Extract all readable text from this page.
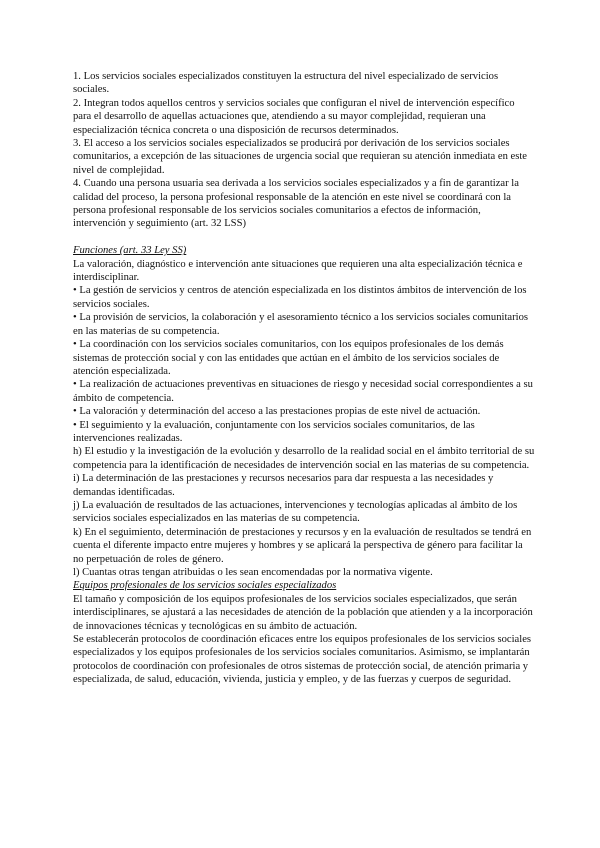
1. Los servicios sociales especializados constituyen la estructura del nivel especializado de servicios sociales.

2. Integran todos aquellos centros y servicios sociales que configuran el nivel de intervención específico para el desarrollo de aquellas actuaciones que, atendiendo a su mayor complejidad, requieran una especialización técnica concreta o una disposición de recursos determinados.

3. El acceso a los servicios sociales especializados se producirá por derivación de los servicios sociales comunitarios, a excepción de las situaciones de urgencia social que requieran su atención inmediata en este nivel de complejidad.

4. Cuando una persona usuaria sea derivada a los servicios sociales especializados y a fin de garantizar la calidad del proceso, la persona profesional responsable de la atención en este nivel se coordinará con la persona profesional responsable de los servicios sociales comunitarios a efectos de información, intervención y seguimiento (art. 32 LSS)

Funciones (art. 33 Ley SS)

La valoración, diagnóstico e intervención ante situaciones que requieren una alta especialización técnica e interdisciplinar.

• La gestión de servicios y centros de atención especializada en los distintos ámbitos de intervención de los servicios sociales.

• La provisión de servicios, la colaboración y el asesoramiento técnico a los servicios sociales comunitarios en las materias de su competencia.

• La coordinación con los servicios sociales comunitarios, con los equipos profesionales de los demás sistemas de protección social y con las entidades que actúan en el ámbito de los servicios sociales de atención especializada.

• La realización de actuaciones preventivas en situaciones de riesgo y necesidad social correspondientes a su ámbito de competencia.

• La valoración y determinación del acceso a las prestaciones propias de este nivel de actuación.

• El seguimiento y la evaluación, conjuntamente con los servicios sociales comunitarios, de las intervenciones realizadas.

h) El estudio y la investigación de la evolución y desarrollo de la realidad social en el ámbito territorial de su competencia para la identificación de necesidades de intervención social en las materias de su competencia.

i) La determinación de las prestaciones y recursos necesarios para dar respuesta a las necesidades y demandas identificadas.

j) La evaluación de resultados de las actuaciones, intervenciones y tecnologías aplicadas al ámbito de los servicios sociales especializados en las materias de su competencia.

k) En el seguimiento, determinación de prestaciones y recursos y en la evaluación de resultados se tendrá en cuenta el diferente impacto entre mujeres y hombres y se aplicará la perspectiva de género para facilitar la no perpetuación de roles de género.

l) Cuantas otras tengan atribuidas o les sean encomendadas por la normativa vigente.

Equipos profesionales de los servicios sociales especializados

El tamaño y composición de los equipos profesionales de los servicios sociales especializados, que serán interdisciplinares, se ajustará a las necesidades de atención de la población que atienden y a la incorporación de innovaciones técnicas y tecnológicas en su ámbito de actuación.

Se establecerán protocolos de coordinación eficaces entre los equipos profesionales de los servicios sociales especializados y los equipos profesionales de los servicios sociales comunitarios. Asimismo, se implantarán protocolos de coordinación con profesionales de otros sistemas de protección social, de atención primaria y especializada, de salud, educación, vivienda, justicia y empleo, y de las fuerzas y cuerpos de seguridad.
